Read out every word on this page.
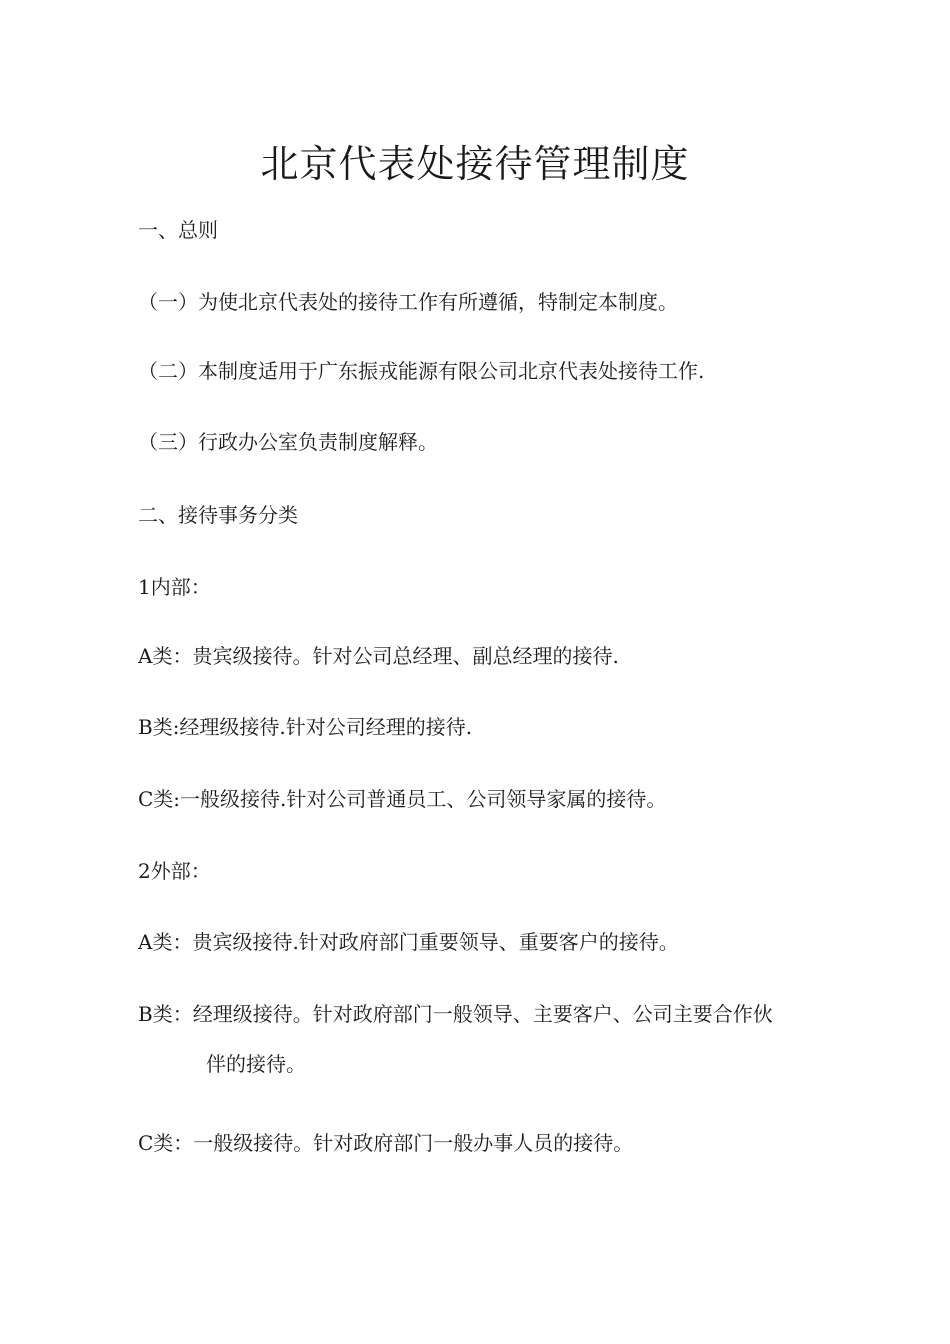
北京代表处接待管理制度
一、总则
（一）为使北京代表处的接待工作有所遵循，特制定本制度。
（二）本制度适用于广东振戎能源有限公司北京代表处接待工作.
（三）行政办公室负责制度解释。
二、接待事务分类
1内部：
A类：贵宾级接待。针对公司总经理、副总经理的接待.
B类:经理级接待.针对公司经理的接待.
C类:一般级接待.针对公司普通员工、公司领导家属的接待。
2外部：
A类：贵宾级接待.针对政府部门重要领导、重要客户的接待。
B类：经理级接待。针对政府部门一般领导、主要客户、公司主要合作伙
伴的接待。
C类：一般级接待。针对政府部门一般办事人员的接待。
